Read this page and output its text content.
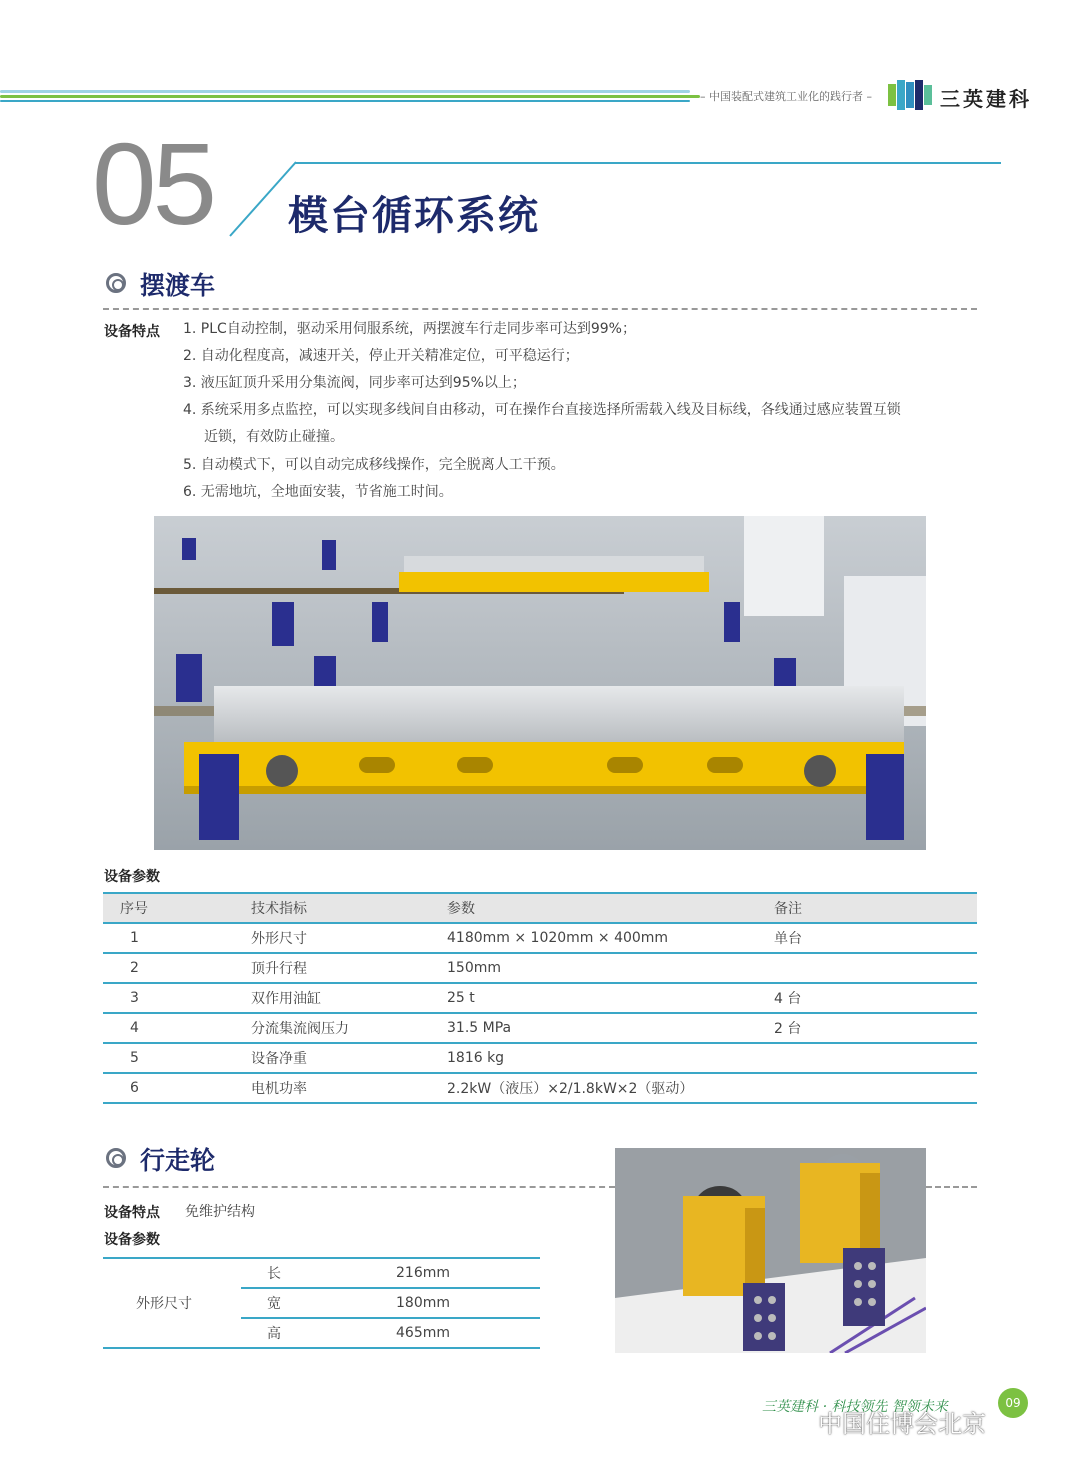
– 中国装配式建筑工业化的践行者 –	三英建科
05 模台循环系统
摆渡车
设备特点 1. PLC自动控制，驱动采用伺服系统，两摆渡车行走同步率可达到99%；
2. 自动化程度高，减速开关，停止开关精准定位，可平稳运行；
3. 液压缸顶升采用分集流阀，同步率可达到95%以上；
4. 系统采用多点监控，可以实现多线间自由移动，可在操作台直接选择所需载入线及目标线，各线通过感应装置互锁
近锁，有效防止碰撞。
5. 自动模式下，可以自动完成移线操作，完全脱离人工干预。
6. 无需地坑，全地面安装，节省施工时间。
设备参数
序号	技术指标	参数	备注
1	外形尺寸	4180mm × 1020mm × 400mm	单台
2	顶升行程	150mm	
3	双作用油缸	25 t	4 台
4	分流集流阀压力	31.5 MPa	2 台
5	设备净重	1816 kg	
6	电机功率	2.2kW（液压）×2/1.8kW×2（驱动）	
行走轮
设备特点 免维护结构
设备参数
外形尺寸	长	216mm
	宽	180mm
	高	465mm
三英建科 · 科技领先 智领未来	09
中国住博会北京
